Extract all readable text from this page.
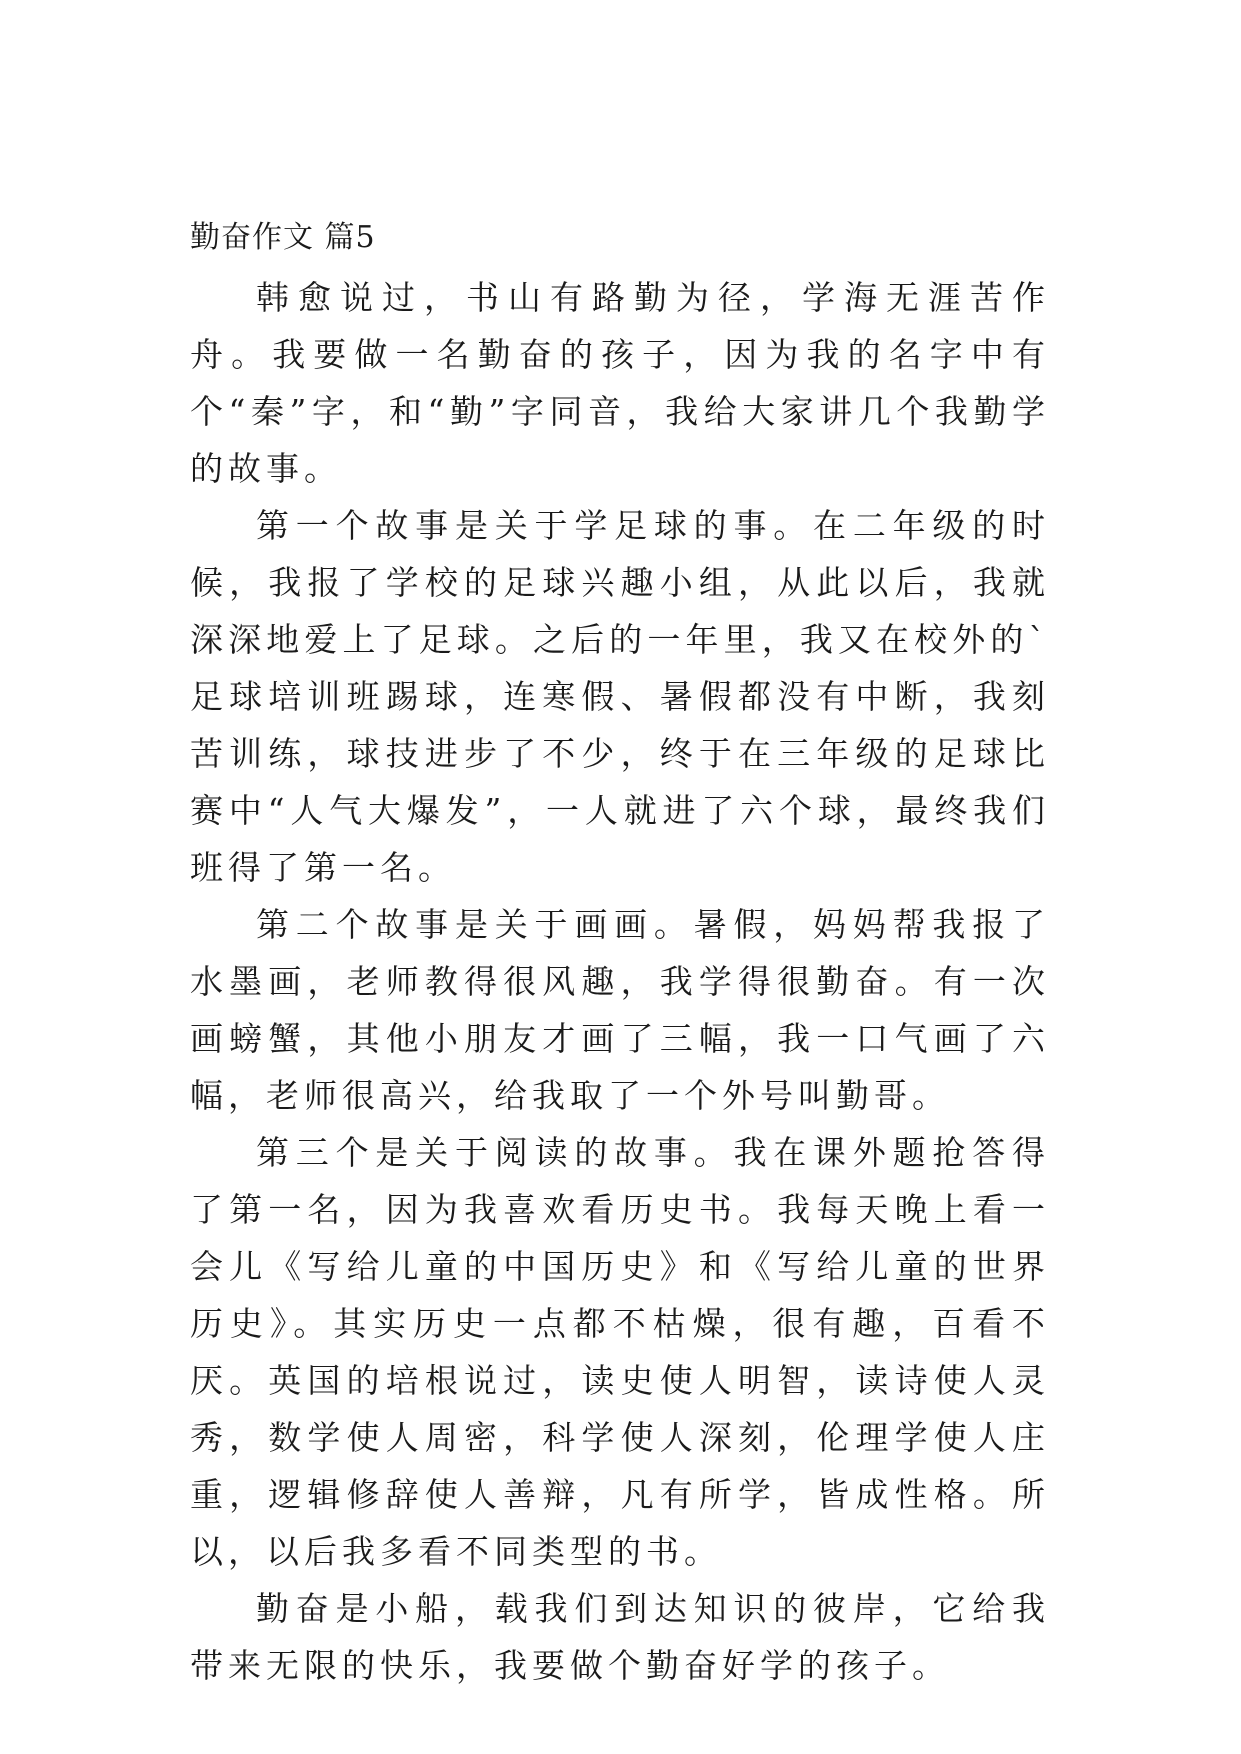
勤奋作文 篇5

韩愈说过，书山有路勤为径，学海无涯苦作舟。我要做一名勤奋的孩子，因为我的名字中有个“秦”字，和“勤”字同音，我给大家讲几个我勤学的故事。

第一个故事是关于学足球的事。在二年级的时候，我报了学校的足球兴趣小组，从此以后，我就深深地爱上了足球。之后的一年里，我又在校外的`足球培训班踢球，连寒假、暑假都没有中断，我刻苦训练，球技进步了不少，终于在三年级的足球比赛中“人气大爆发”，一人就进了六个球，最终我们班得了第一名。

第二个故事是关于画画。暑假，妈妈帮我报了水墨画，老师教得很风趣，我学得很勤奋。有一次画螃蟹，其他小朋友才画了三幅，我一口气画了六幅，老师很高兴，给我取了一个外号叫勤哥。

第三个是关于阅读的故事。我在课外题抢答得了第一名，因为我喜欢看历史书。我每天晚上看一会儿《写给儿童的中国历史》和《写给儿童的世界历史》。其实历史一点都不枯燥，很有趣，百看不厌。英国的培根说过，读史使人明智，读诗使人灵秀，数学使人周密，科学使人深刻，伦理学使人庄重，逻辑修辞使人善辩，凡有所学，皆成性格。所以，以后我多看不同类型的书。

勤奋是小船，载我们到达知识的彼岸，它给我带来无限的快乐，我要做个勤奋好学的孩子。
